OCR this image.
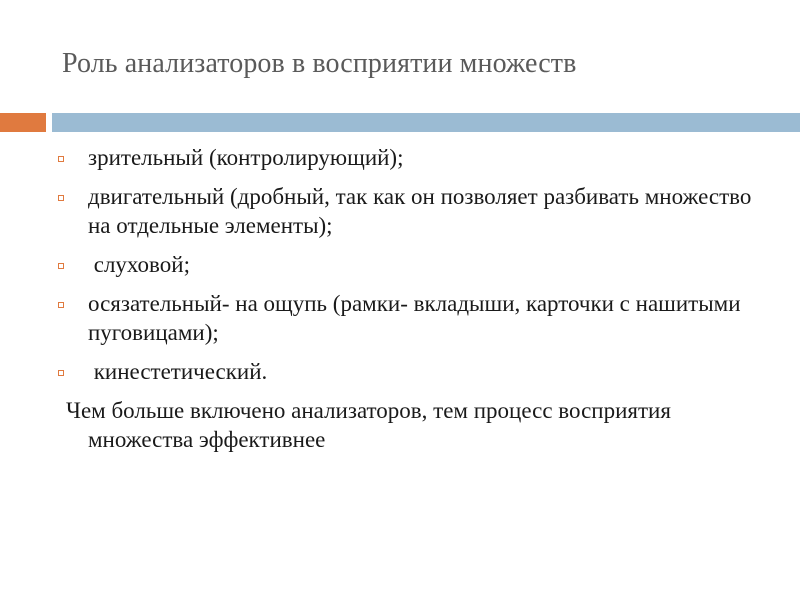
Роль анализаторов в восприятии множеств
зрительный (контролирующий);
двигательный (дробный, так как он позволяет разбивать множество на отдельные элементы);
слуховой;
осязательный- на ощупь (рамки- вкладыши, карточки с нашитыми пуговицами);
кинестетический.
Чем больше включено анализаторов, тем процесс восприятия  множества эффективнее
